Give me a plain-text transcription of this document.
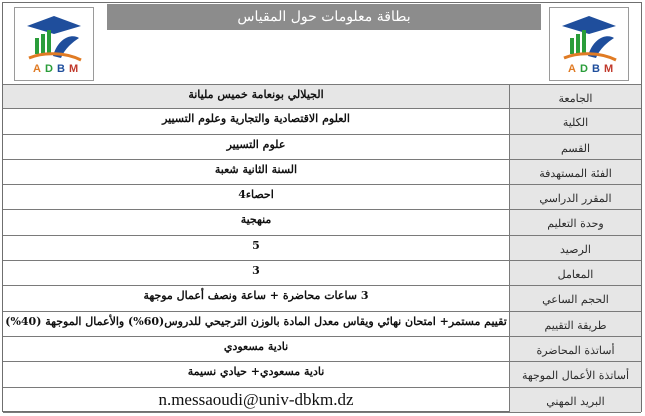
A D B M
بطاقة معلومات حول المقياس
A D B M
الجيلالي بونعامة خميس مليانة	الجامعة
العلوم الاقتصادية والتجارية وعلوم التسيير	الكلية
علوم التسيير	القسم
السنة الثانية شعبة	الفئة المستهدفة
احصاء4	المقرر الدراسي
منهجية	وحدة التعليم
5	الرصيد
3	المعامل
3 ساعات محاضرة + ساعة ونصف أعمال موجهة	الحجم الساعي
تقييم مستمر+ امتحان نهائي ويقاس معدل المادة بالوزن الترجيحي للدروس(60%) والأعمال الموجهة (40%)	طريقة التقييم
نادية مسعودي	أساتذة المحاضرة
نادية مسعودي+ حيادي نسيمة	أساتذة الأعمال الموجهة
n.messaoudi@univ-dbkm.dz	البريد المهني
